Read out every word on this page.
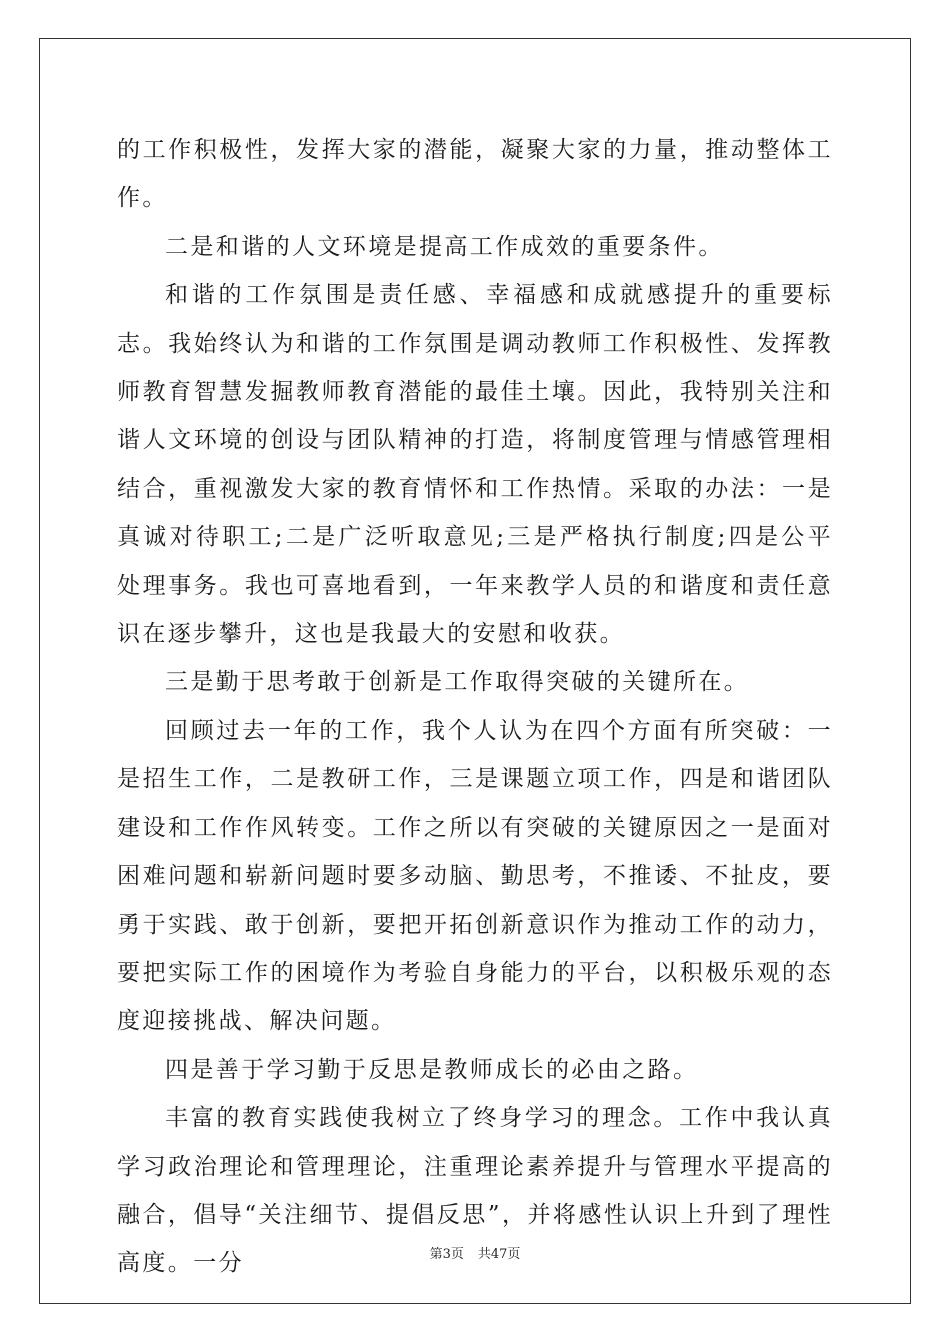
的工作积极性，发挥大家的潜能，凝聚大家的力量，推动整体工作。

二是和谐的人文环境是提高工作成效的重要条件。

和谐的工作氛围是责任感、幸福感和成就感提升的重要标志。我始终认为和谐的工作氛围是调动教师工作积极性、发挥教师教育智慧发掘教师教育潜能的最佳土壤。因此，我特别关注和谐人文环境的创设与团队精神的打造，将制度管理与情感管理相结合，重视激发大家的教育情怀和工作热情。采取的办法：一是真诚对待职工;二是广泛听取意见;三是严格执行制度;四是公平处理事务。我也可喜地看到，一年来教学人员的和谐度和责任意识在逐步攀升，这也是我最大的安慰和收获。

三是勤于思考敢于创新是工作取得突破的关键所在。

回顾过去一年的工作，我个人认为在四个方面有所突破：一是招生工作，二是教研工作，三是课题立项工作，四是和谐团队建设和工作作风转变。工作之所以有突破的关键原因之一是面对困难问题和崭新问题时要多动脑、勤思考，不推诿、不扯皮，要勇于实践、敢于创新，要把开拓创新意识作为推动工作的动力，要把实际工作的困境作为考验自身能力的平台，以积极乐观的态度迎接挑战、解决问题。

四是善于学习勤于反思是教师成长的必由之路。

丰富的教育实践使我树立了终身学习的理念。工作中我认真学习政治理论和管理理论，注重理论素养提升与管理水平提高的融合，倡导“关注细节、提倡反思”，并将感性认识上升到了理性高度。一分	第3页 共47页
